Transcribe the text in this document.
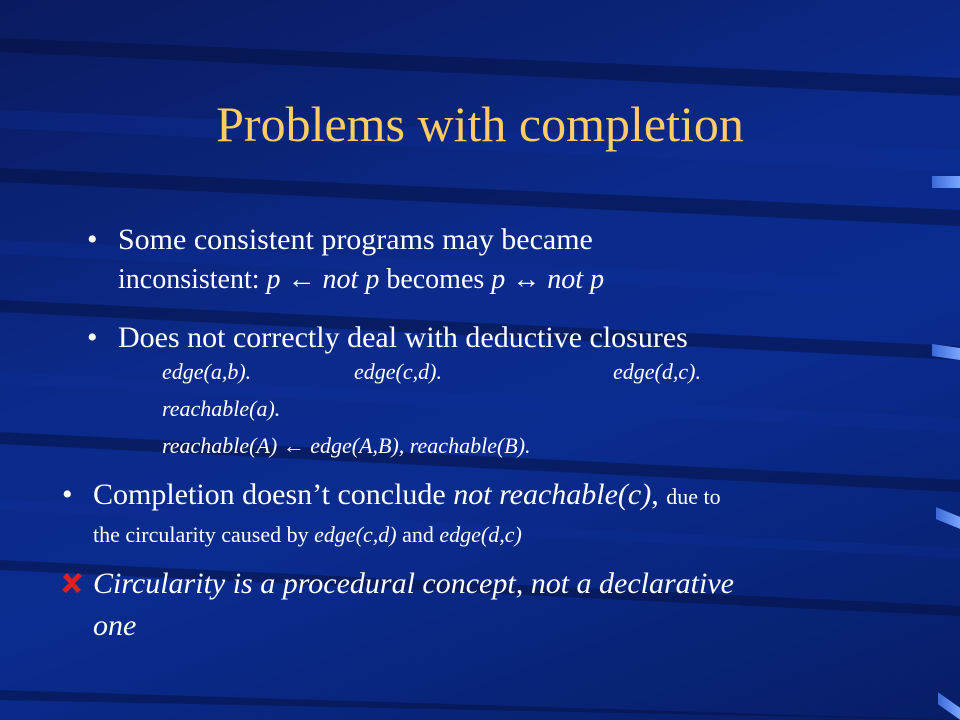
Problems with completion
• Some consistent programs may became
inconsistent: p ← not p becomes p ↔ not p
• Does not correctly deal with deductive closures
edge(a,b).	edge(c,d).	edge(d,c).
reachable(a).
reachable(A) ← edge(A,B), reachable(B).
• Completion doesn’t conclude not reachable(c), due to
the circularity caused by edge(c,d) and edge(d,c)
Circularity is a procedural concept, not a declarative
one
